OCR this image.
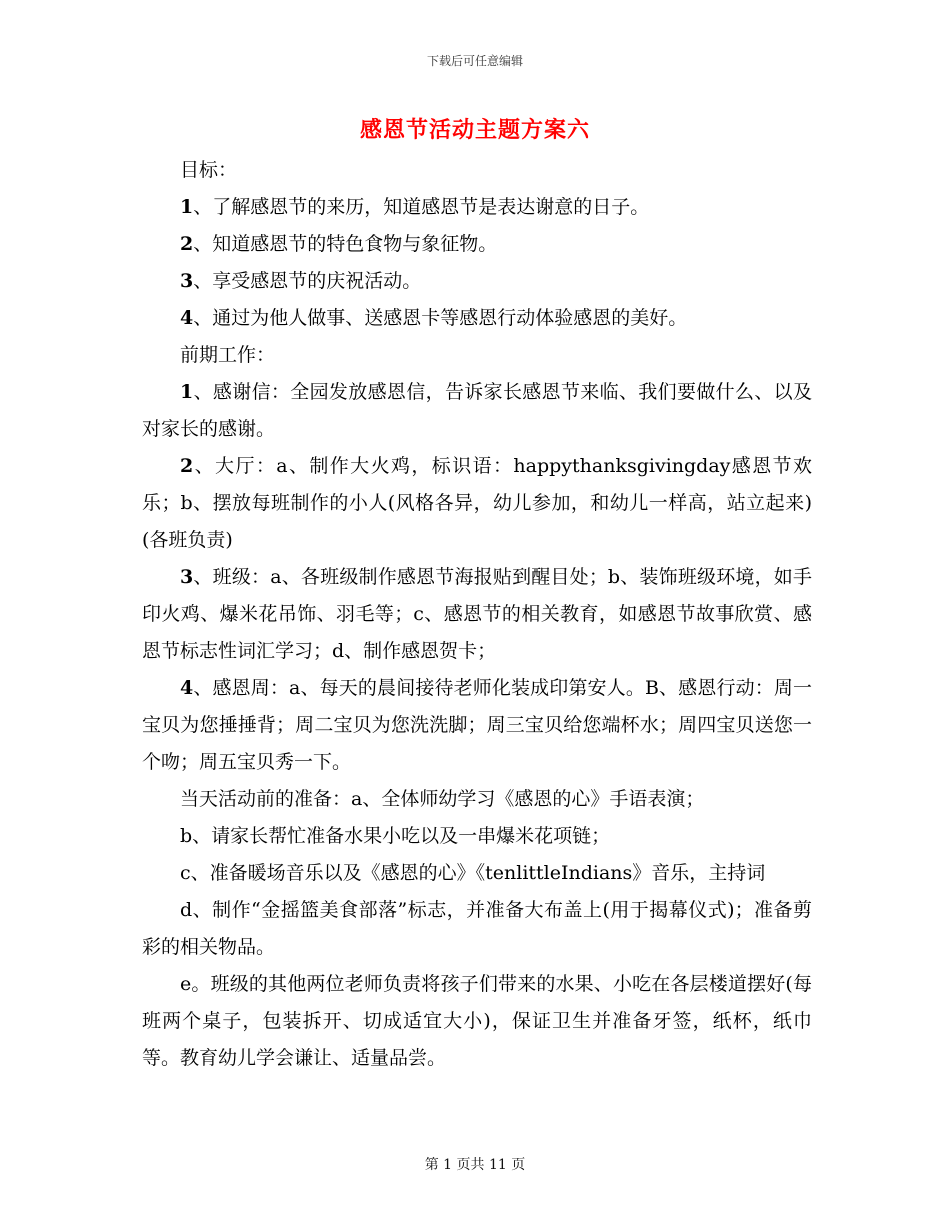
下载后可任意编辑
感恩节活动主题方案六

目标：

1、了解感恩节的来历，知道感恩节是表达谢意的日子。

2、知道感恩节的特色食物与象征物。

3、享受感恩节的庆祝活动。

4、通过为他人做事、送感恩卡等感恩行动体验感恩的美好。

前期工作：

1、感谢信：全园发放感恩信，告诉家长感恩节来临、我们要做什么、以及对家长的感谢。

2、大厅：a、制作大火鸡，标识语：happythanksgivingday感恩节欢乐；b、摆放每班制作的小人(风格各异，幼儿参加，和幼儿一样高，站立起来)(各班负责)

3、班级：a、各班级制作感恩节海报贴到醒目处；b、装饰班级环境，如手印火鸡、爆米花吊饰、羽毛等；c、感恩节的相关教育，如感恩节故事欣赏、感恩节标志性词汇学习；d、制作感恩贺卡；

4、感恩周：a、每天的晨间接待老师化装成印第安人。B、感恩行动：周一宝贝为您捶捶背；周二宝贝为您洗洗脚；周三宝贝给您端杯水；周四宝贝送您一个吻；周五宝贝秀一下。

当天活动前的准备：a、全体师幼学习《感恩的心》手语表演；

b、请家长帮忙准备水果小吃以及一串爆米花项链；

c、准备暖场音乐以及《感恩的心》《tenlittleIndians》音乐，主持词

d、制作“金摇篮美食部落”标志，并准备大布盖上(用于揭幕仪式)；准备剪彩的相关物品。

e。班级的其他两位老师负责将孩子们带来的水果、小吃在各层楼道摆好(每班两个桌子，包装拆开、切成适宜大小)，保证卫生并准备牙签，纸杯，纸巾等。教育幼儿学会谦让、适量品尝。

第 1 页共 11 页
